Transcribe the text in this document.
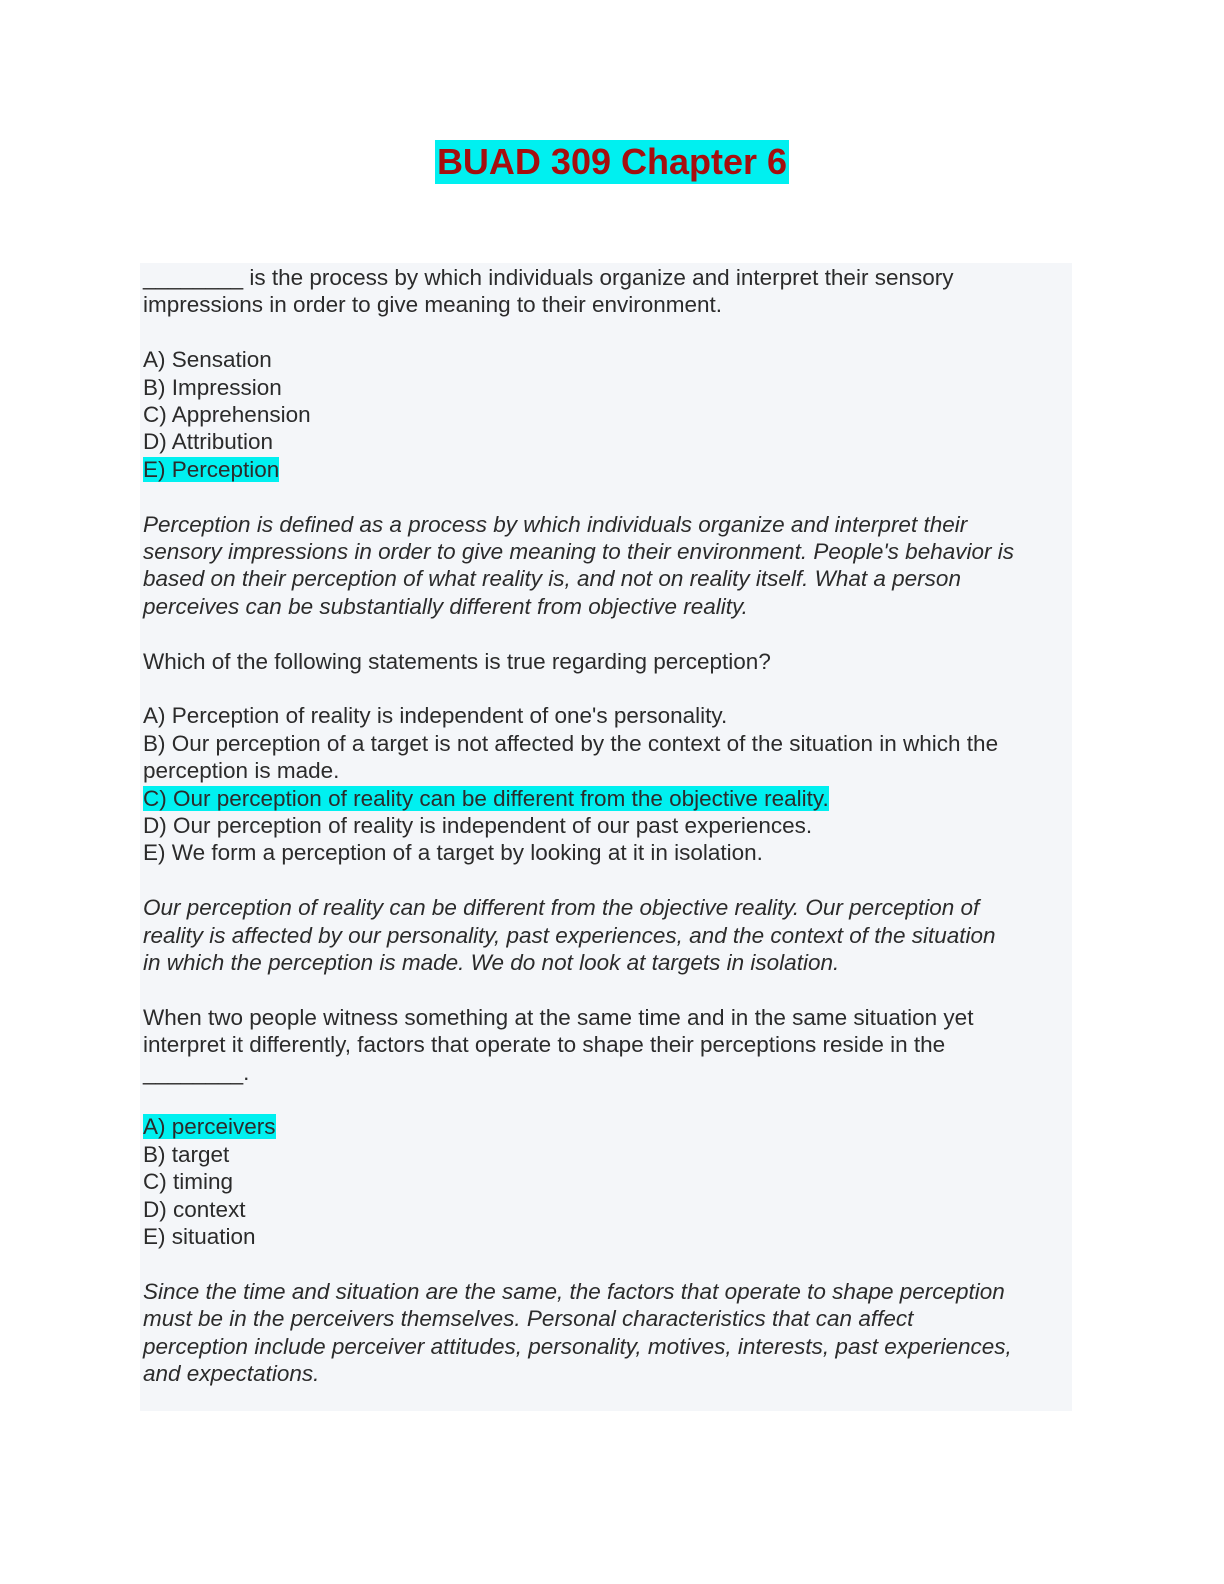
BUAD 309 Chapter 6

________ is the process by which individuals organize and interpret their sensory

impressions in order to give meaning to their environment.

A) Sensation

B) Impression

C) Apprehension

D) Attribution

E) Perception

Perception is defined as a process by which individuals organize and interpret their

sensory impressions in order to give meaning to their environment. People's behavior is

based on their perception of what reality is, and not on reality itself. What a person

perceives can be substantially different from objective reality.

Which of the following statements is true regarding perception?

A) Perception of reality is independent of one's personality.

B) Our perception of a target is not affected by the context of the situation in which the

perception is made.

C) Our perception of reality can be different from the objective reality.

D) Our perception of reality is independent of our past experiences.

E) We form a perception of a target by looking at it in isolation.

Our perception of reality can be different from the objective reality. Our perception of

reality is affected by our personality, past experiences, and the context of the situation

in which the perception is made. We do not look at targets in isolation.

When two people witness something at the same time and in the same situation yet

interpret it differently, factors that operate to shape their perceptions reside in the

________.

A) perceivers

B) target

C) timing

D) context

E) situation

Since the time and situation are the same, the factors that operate to shape perception

must be in the perceivers themselves. Personal characteristics that can affect

perception include perceiver attitudes, personality, motives, interests, past experiences,

and expectations.
